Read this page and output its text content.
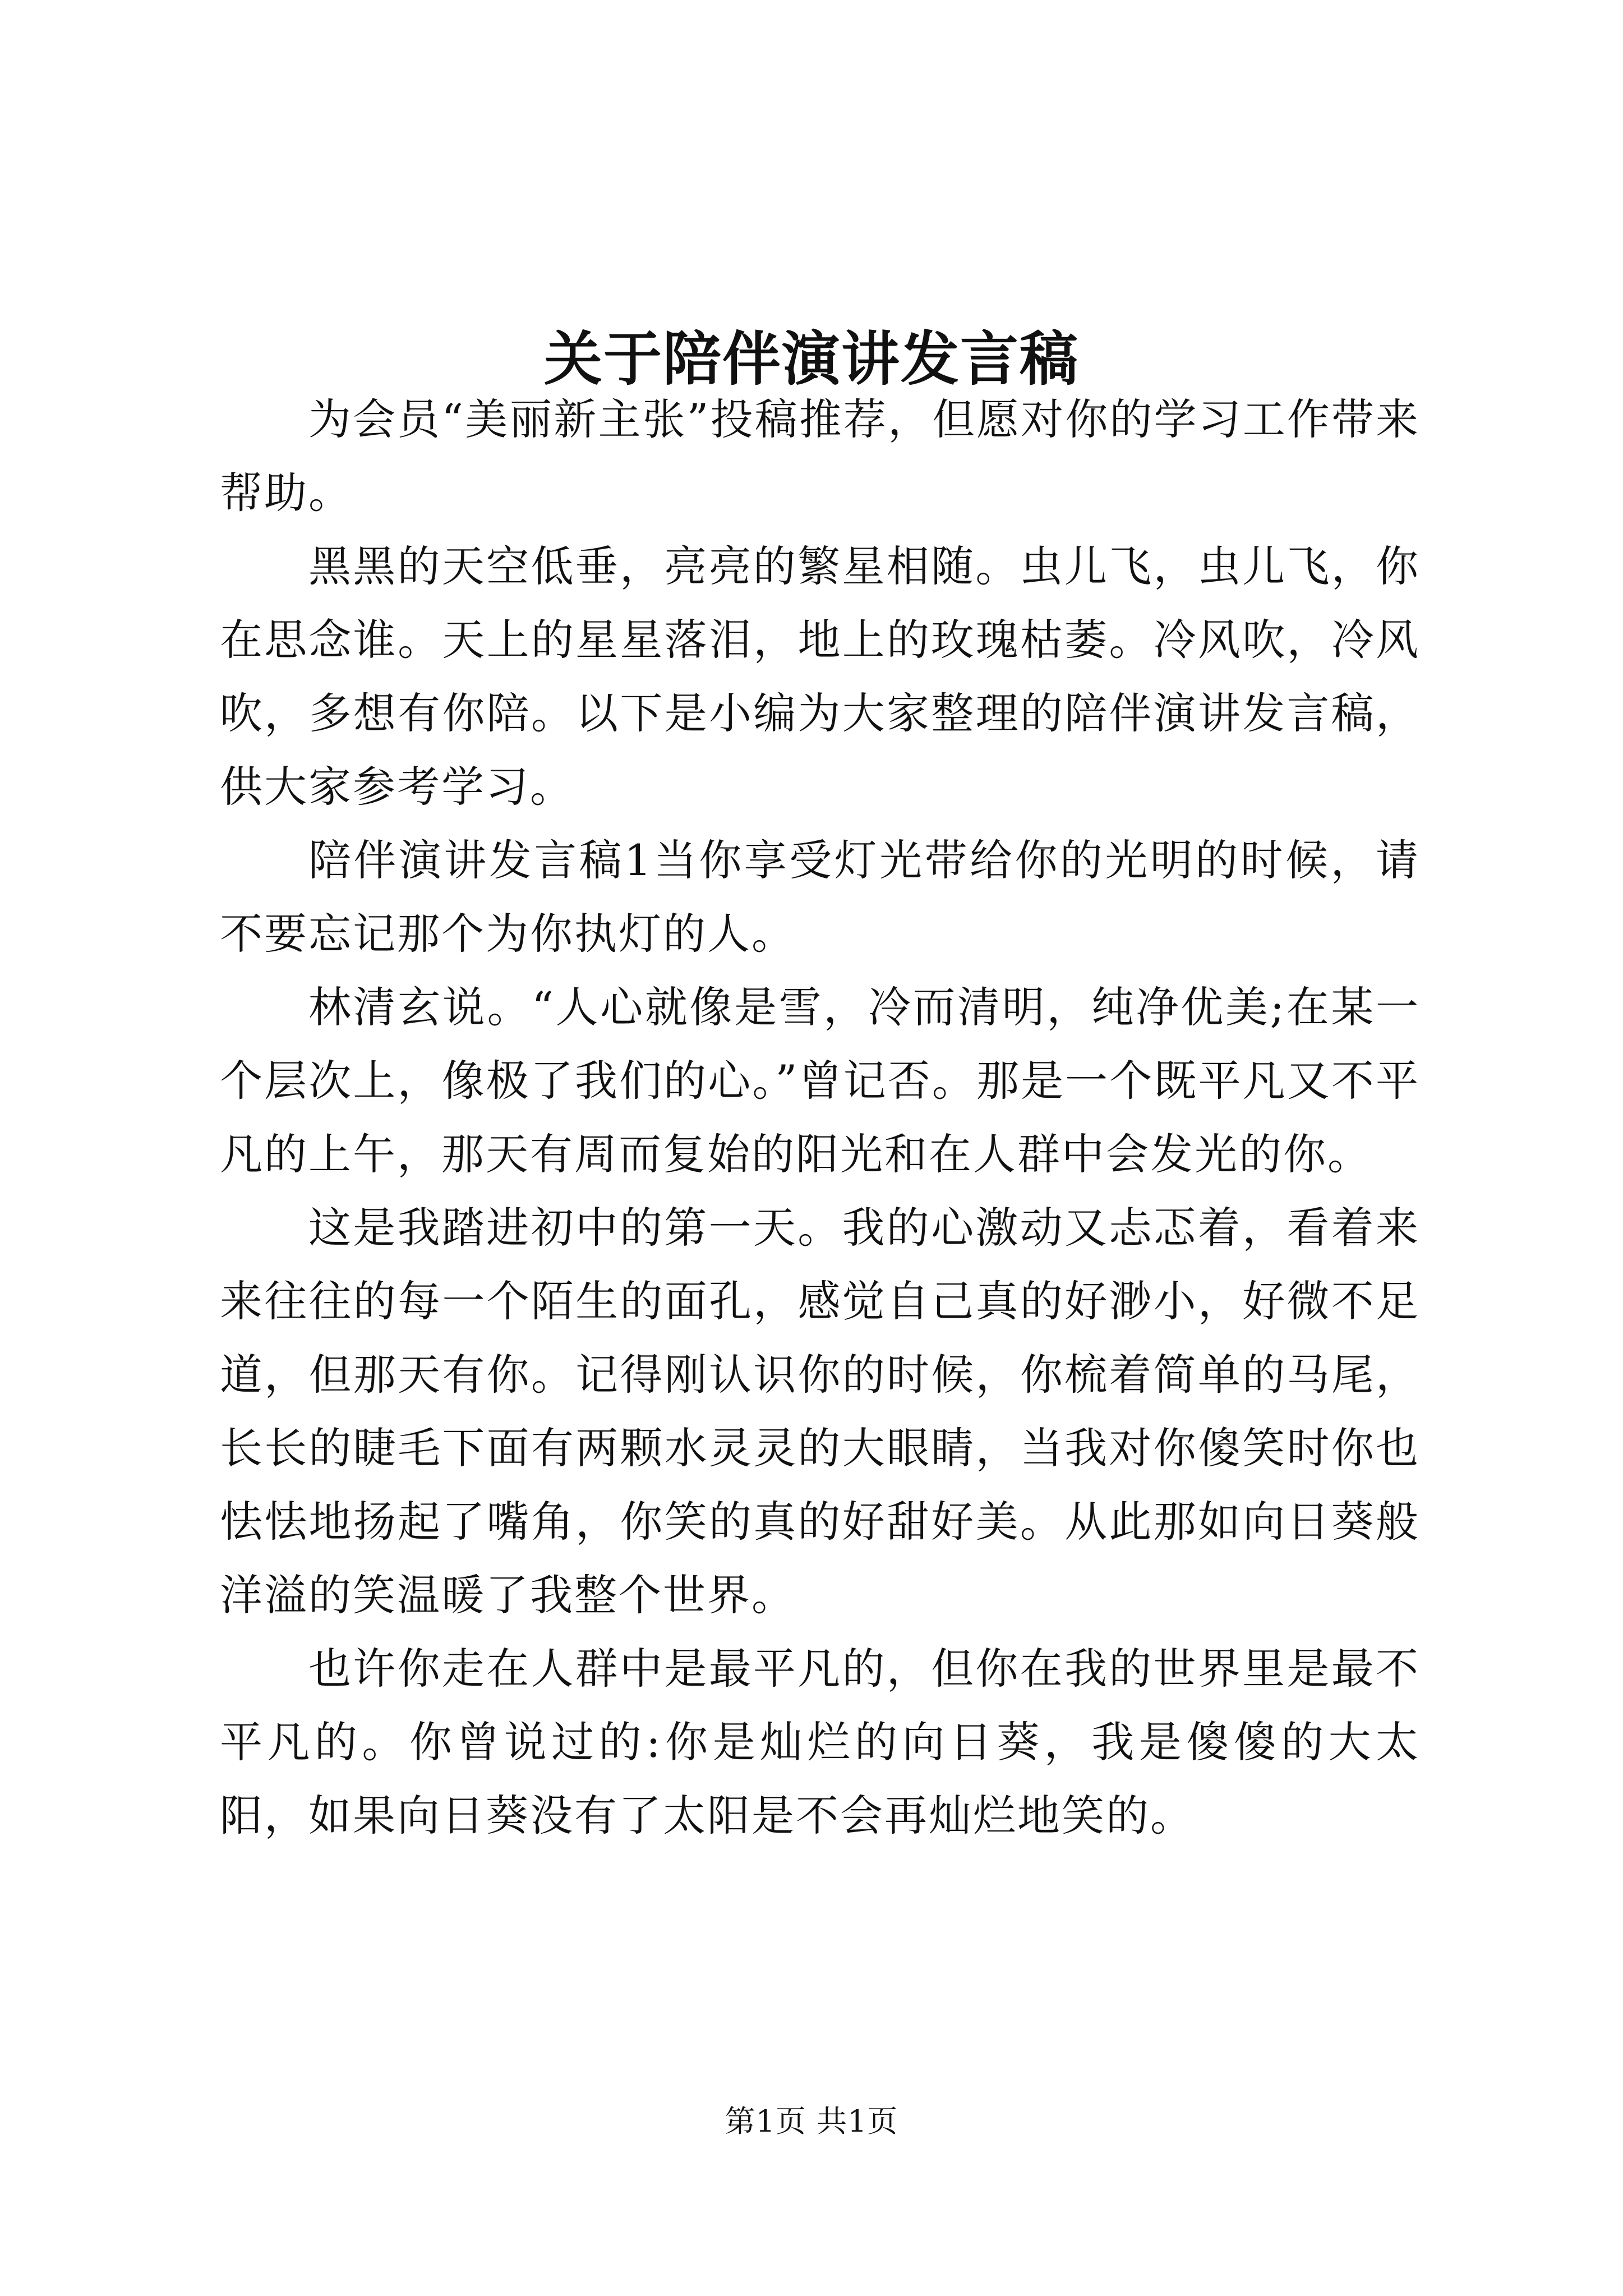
关于陪伴演讲发言稿

为会员“美丽新主张”投稿推荐，但愿对你的学习工作带来帮助。

黑黑的天空低垂，亮亮的繁星相随。虫儿飞，虫儿飞，你在思念谁。天上的星星落泪，地上的玫瑰枯萎。冷风吹，冷风吹，多想有你陪。以下是小编为大家整理的陪伴演讲发言稿，供大家参考学习。

陪伴演讲发言稿1当你享受灯光带给你的光明的时候，请不要忘记那个为你执灯的人。

林清玄说。“人心就像是雪，冷而清明，纯净优美;在某一个层次上，像极了我们的心。”曾记否。那是一个既平凡又不平凡的上午，那天有周而复始的阳光和在人群中会发光的你。

这是我踏进初中的第一天。我的心激动又忐忑着，看着来来往往的每一个陌生的面孔，感觉自己真的好渺小，好微不足道，但那天有你。记得刚认识你的时候，你梳着简单的马尾，长长的睫毛下面有两颗水灵灵的大眼睛，当我对你傻笑时你也怯怯地扬起了嘴角，你笑的真的好甜好美。从此那如向日葵般洋溢的笑温暖了我整个世界。

也许你走在人群中是最平凡的，但你在我的世界里是最不平凡的。你曾说过的:你是灿烂的向日葵，我是傻傻的大太阳，如果向日葵没有了太阳是不会再灿烂地笑的。

第1页 共1页
